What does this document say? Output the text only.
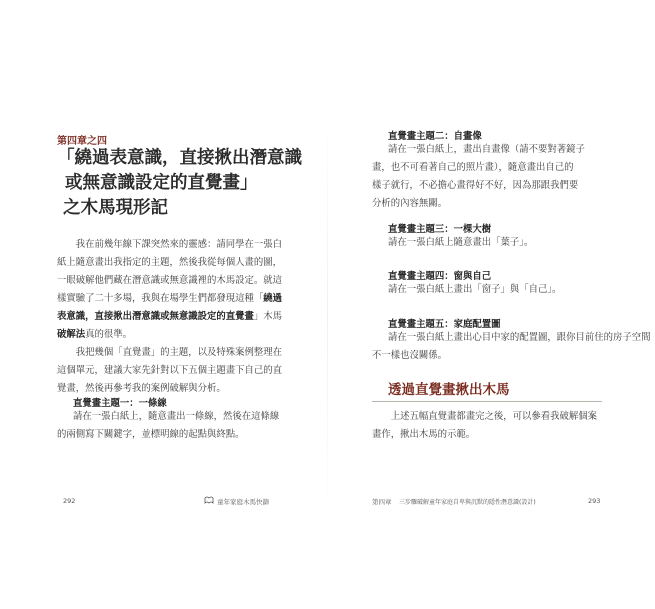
第四章之四
「繞過表意識，直接揪出潛意識
或無意識設定的直覺畫」
之木馬現形記
我在前幾年線下課突然來的靈感：請同學在一張白
紙上隨意畫出我指定的主題，然後我從每個人畫的圖，
一眼破解他們藏在潛意識或無意識裡的木馬設定。就這
樣實驗了二十多場，我與在場學生們都發現這種「繞過
表意識，直接揪出潛意識或無意識設定的直覺畫」木馬
破解法真的很準。
我把幾個「直覺畫」的主題，以及特殊案例整理在
這個單元，建議大家先針對以下五個主題畫下自己的直
覺畫，然後再參考我的案例破解與分析。
直覺畫主題一：一條線
請在一張白紙上，隨意畫出一條線，然後在這條線
的兩側寫下關鍵字，並標明線的起點與終點。
292	童年家庭木馬快篩
直覺畫主題二：自畫像
請在一張白紙上，畫出自畫像（請不要對著鏡子
畫，也不可看著自己的照片畫），隨意畫出自己的
樣子就行，不必擔心畫得好不好，因為那跟我們要
分析的內容無關。
直覺畫主題三：一棵大樹
請在一張白紙上隨意畫出「葉子」。
直覺畫主題四：窗與自己
請在一張白紙上畫出「窗子」與「自己」。
直覺畫主題五：家庭配置圖
請在一張白紙上畫出心目中家的配置圖，跟你目前住的房子空間
不一樣也沒關係。
透過直覺畫揪出木馬
上述五幅直覺畫都畫完之後，可以參看我破解個案
畫作，揪出木馬的示範。
第四章 三步驟破解童年家庭自卑與沉默的隱性潛意識(設計)	293
